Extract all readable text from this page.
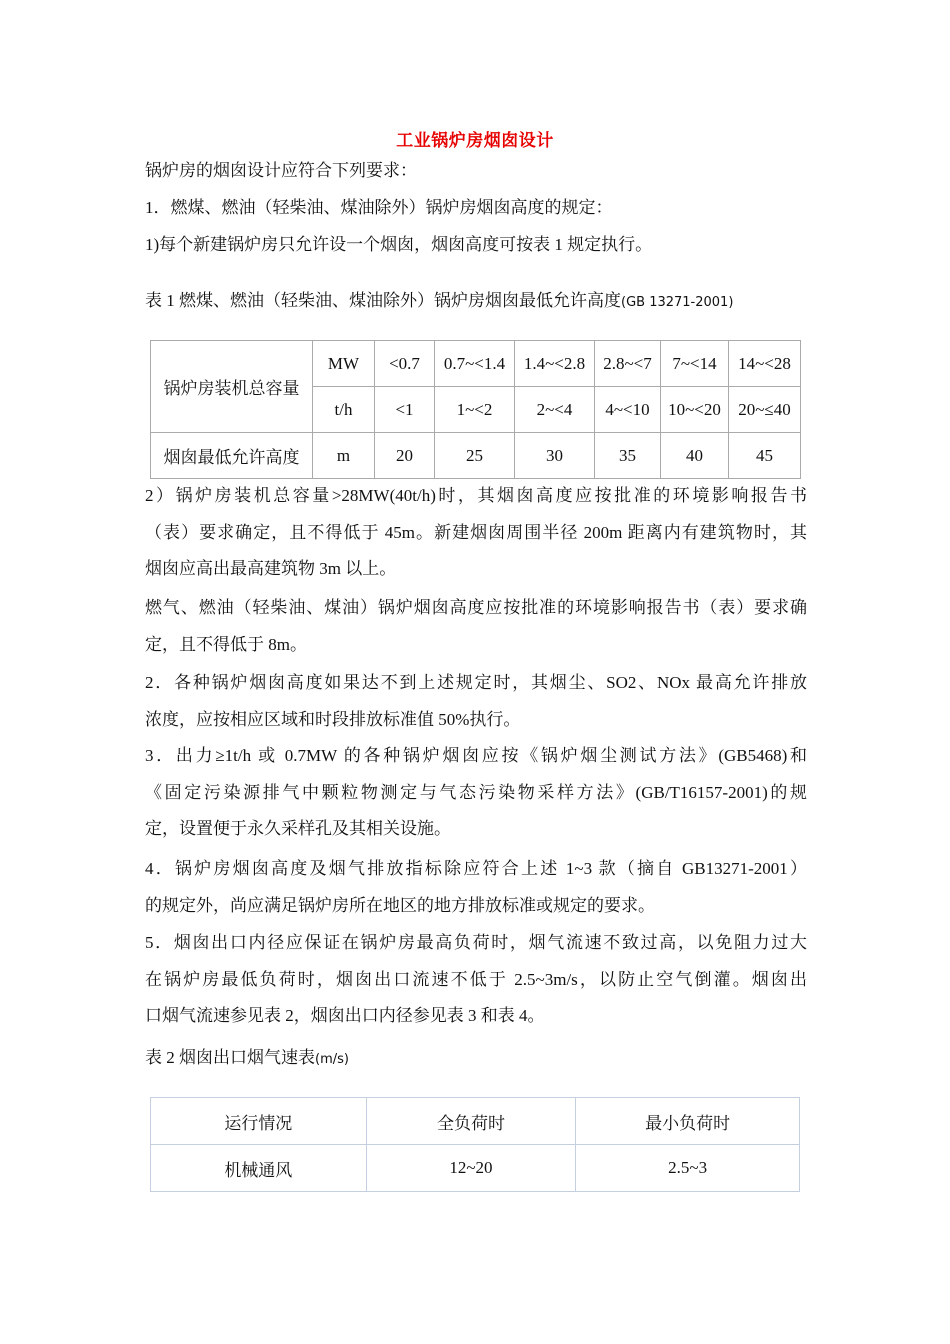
工业锅炉房烟囱设计
锅炉房的烟囱设计应符合下列要求：
1．燃煤、燃油（轻柴油、煤油除外）锅炉房烟囱高度的规定：
1)每个新建锅炉房只允许设一个烟囱，烟囱高度可按表 1 规定执行。
表 1 燃煤、燃油（轻柴油、煤油除外）锅炉房烟囱最低允许高度(GB 13271-2001)
锅炉房装机总容量	MW	<0.7	0.7~<1.4	1.4~<2.8	2.8~<7	7~<14	14~<28
	t/h	<1	1~<2	2~<4	4~<10	10~<20	20~≤40
烟囱最低允许高度	m	20	25	30	35	40	45
2）锅炉房装机总容量>28MW(40t/h)时，其烟囱高度应按批准的环境影响报告书
（表）要求确定，且不得低于 45m。新建烟囱周围半径 200m 距离内有建筑物时，其
烟囱应高出最高建筑物 3m 以上。
燃气、燃油（轻柴油、煤油）锅炉烟囱高度应按批准的环境影响报告书（表）要求确
定，且不得低于 8m。
2．各种锅炉烟囱高度如果达不到上述规定时，其烟尘、SO2、NOx 最高允许排放
浓度，应按相应区域和时段排放标准值 50%执行。
3．出力≥1t/h 或 0.7MW 的各种锅炉烟囱应按《锅炉烟尘测试方法》(GB5468)和
《固定污染源排气中颗粒物测定与气态污染物采样方法》(GB/T16157-2001)的规
定，设置便于永久采样孔及其相关设施。
4．锅炉房烟囱高度及烟气排放指标除应符合上述 1~3 款（摘自 GB13271-2001）
的规定外，尚应满足锅炉房所在地区的地方排放标准或规定的要求。
5．烟囱出口内径应保证在锅炉房最高负荷时，烟气流速不致过高，以免阻力过大
在锅炉房最低负荷时，烟囱出口流速不低于 2.5~3m/s，以防止空气倒灌。烟囱出
口烟气流速参见表 2，烟囱出口内径参见表 3 和表 4。
表 2 烟囱出口烟气速表(m/s)
运行情况	全负荷时	最小负荷时
机械通风	12~20	2.5~3
